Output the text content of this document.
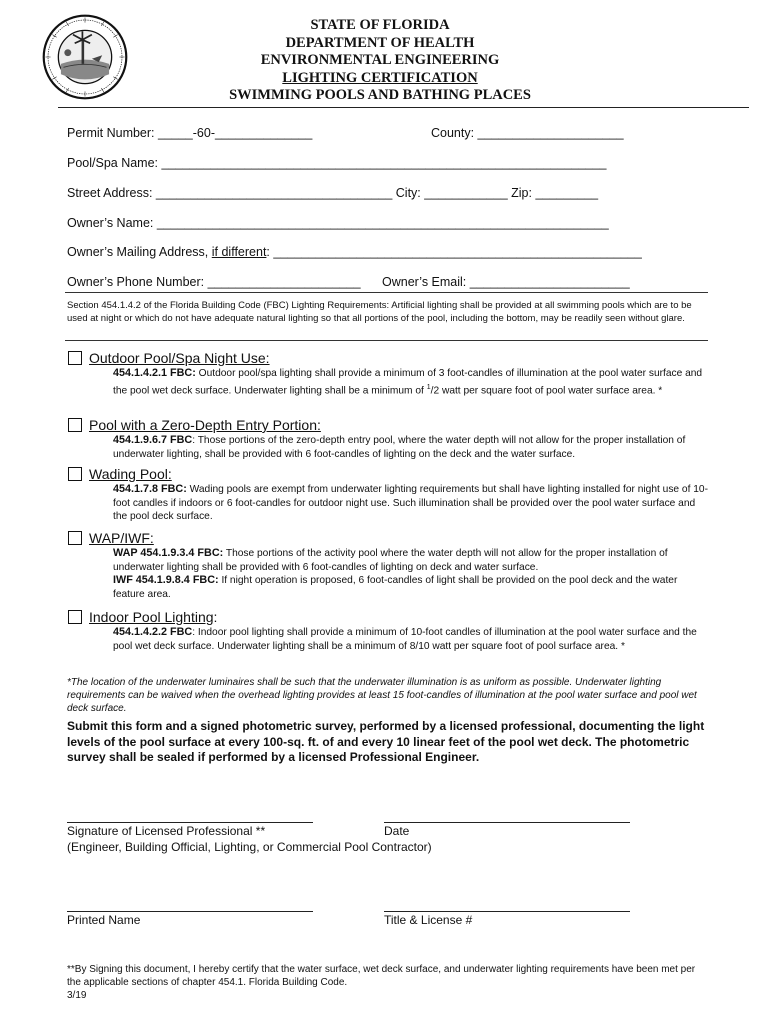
STATE OF FLORIDA
DEPARTMENT OF HEALTH
ENVIRONMENTAL ENGINEERING
LIGHTING CERTIFICATION
SWIMMING POOLS AND BATHING PLACES
Permit Number: _____-60-______________	County: _____________________
Pool/Spa Name: ________________________________________________________________
Street Address: __________________________________ City: ____________ Zip: _________
Owner’s Name: _________________________________________________________________
Owner’s Mailing Address, if different: _____________________________________________________
Owner’s Phone Number: ______________________ Owner’s Email: _______________________
Section 454.1.4.2 of the Florida Building Code (FBC) Lighting Requirements: Artificial lighting shall be provided at all swimming pools which are to be used at night or which do not have adequate natural lighting so that all portions of the pool, including the bottom, may be readily seen without glare.
Outdoor Pool/Spa Night Use:
454.1.4.2.1 FBC: Outdoor pool/spa lighting shall provide a minimum of 3 foot-candles of illumination at the pool water surface and the pool wet deck surface. Underwater lighting shall be a minimum of $^1$/2 watt per square foot of pool water surface area. *
Pool with a Zero-Depth Entry Portion:
454.1.9.6.7 FBC: Those portions of the zero-depth entry pool, where the water depth will not allow for the proper installation of underwater lighting, shall be provided with 6 foot-candles of lighting on the deck and the water surface.
Wading Pool:
454.1.7.8 FBC: Wading pools are exempt from underwater lighting requirements but shall have lighting installed for night use of 10-foot candles if indoors or 6 foot-candles for outdoor night use. Such illumination shall be provided over the pool water surface and the pool deck surface.
WAP/IWF:
WAP 454.1.9.3.4 FBC: Those portions of the activity pool where the water depth will not allow for the proper installation of underwater lighting shall be provided with 6 foot-candles of lighting on deck and water surface.
IWF 454.1.9.8.4 FBC: If night operation is proposed, 6 foot-candles of light shall be provided on the pool deck and the water feature area.
Indoor Pool Lighting :
454.1.4.2.2 FBC: Indoor pool lighting shall provide a minimum of 10-foot candles of illumination at the pool water surface and the pool wet deck surface. Underwater lighting shall be a minimum of 8/10 watt per square foot of pool surface area. *
*The location of the underwater luminaires shall be such that the underwater illumination is as uniform as possible. Underwater lighting requirements can be waived when the overhead lighting provides at least 15 foot-candles of illumination at the pool water surface and pool wet deck surface.
Submit this form and a signed photometric survey, performed by a licensed professional, documenting the light levels of the pool surface at every 100-sq. ft. of and every 10 linear feet of the pool wet deck. The photometric survey shall be sealed if performed by a licensed Professional Engineer.
Signature of Licensed Professional **	Date
(Engineer, Building Official, Lighting, or Commercial Pool Contractor)
Printed Name	Title & License #
**By Signing this document, I hereby certify that the water surface, wet deck surface, and underwater lighting requirements have been met per the applicable sections of chapter 454.1. Florida Building Code.
3/19
